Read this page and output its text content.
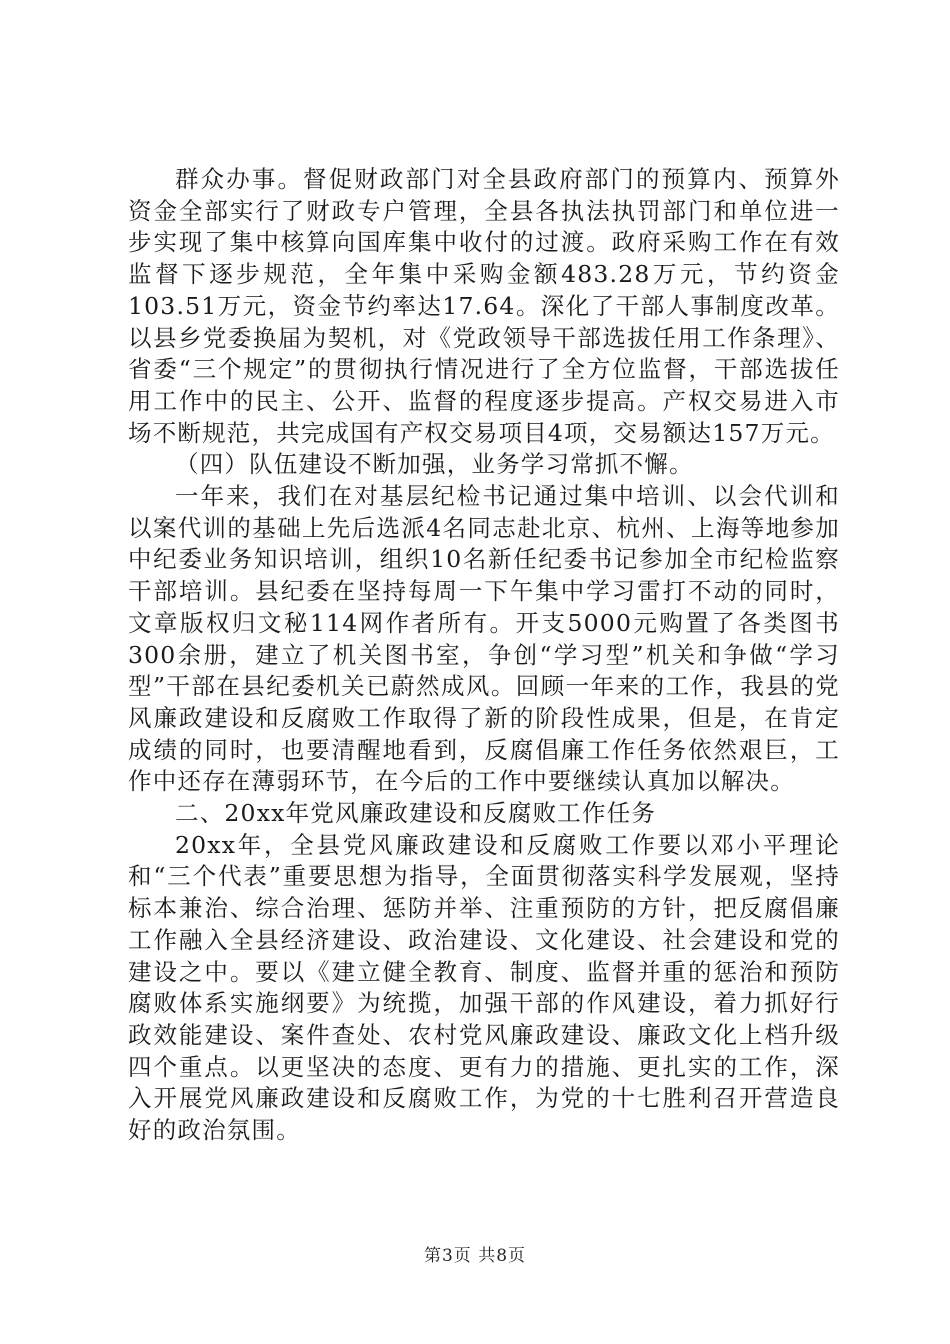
群众办事。督促财政部门对全县政府部门的预算内、预算外资金全部实行了财政专户管理，全县各执法执罚部门和单位进一步实现了集中核算向国库集中收付的过渡。政府采购工作在有效监督下逐步规范，全年集中采购金额483.28万元，节约资金103.51万元，资金节约率达17.64。深化了干部人事制度改革。以县乡党委换届为契机，对《党政领导干部选拔任用工作条理》、省委“三个规定”的贯彻执行情况进行了全方位监督，干部选拔任用工作中的民主、公开、监督的程度逐步提高。产权交易进入市场不断规范，共完成国有产权交易项目4项，交易额达157万元。

（四）队伍建设不断加强，业务学习常抓不懈。

一年来，我们在对基层纪检书记通过集中培训、以会代训和以案代训的基础上先后选派4名同志赴北京、杭州、上海等地参加中纪委业务知识培训，组织10名新任纪委书记参加全市纪检监察干部培训。县纪委在坚持每周一下午集中学习雷打不动的同时，文章版权归文秘114网作者所有。开支5000元购置了各类图书300余册，建立了机关图书室，争创“学习型”机关和争做“学习型”干部在县纪委机关已蔚然成风。回顾一年来的工作，我县的党风廉政建设和反腐败工作取得了新的阶段性成果，但是，在肯定成绩的同时，也要清醒地看到，反腐倡廉工作任务依然艰巨，工作中还存在薄弱环节，在今后的工作中要继续认真加以解决。

二、20xx年党风廉政建设和反腐败工作任务

20xx年，全县党风廉政建设和反腐败工作要以邓小平理论和“三个代表”重要思想为指导，全面贯彻落实科学发展观，坚持标本兼治、综合治理、惩防并举、注重预防的方针，把反腐倡廉工作融入全县经济建设、政治建设、文化建设、社会建设和党的建设之中。要以《建立健全教育、制度、监督并重的惩治和预防腐败体系实施纲要》为统揽，加强干部的作风建设，着力抓好行政效能建设、案件查处、农村党风廉政建设、廉政文化上档升级四个重点。以更坚决的态度、更有力的措施、更扎实的工作，深入开展党风廉政建设和反腐败工作，为党的十七胜利召开营造良好的政治氛围。

第3页 共8页
